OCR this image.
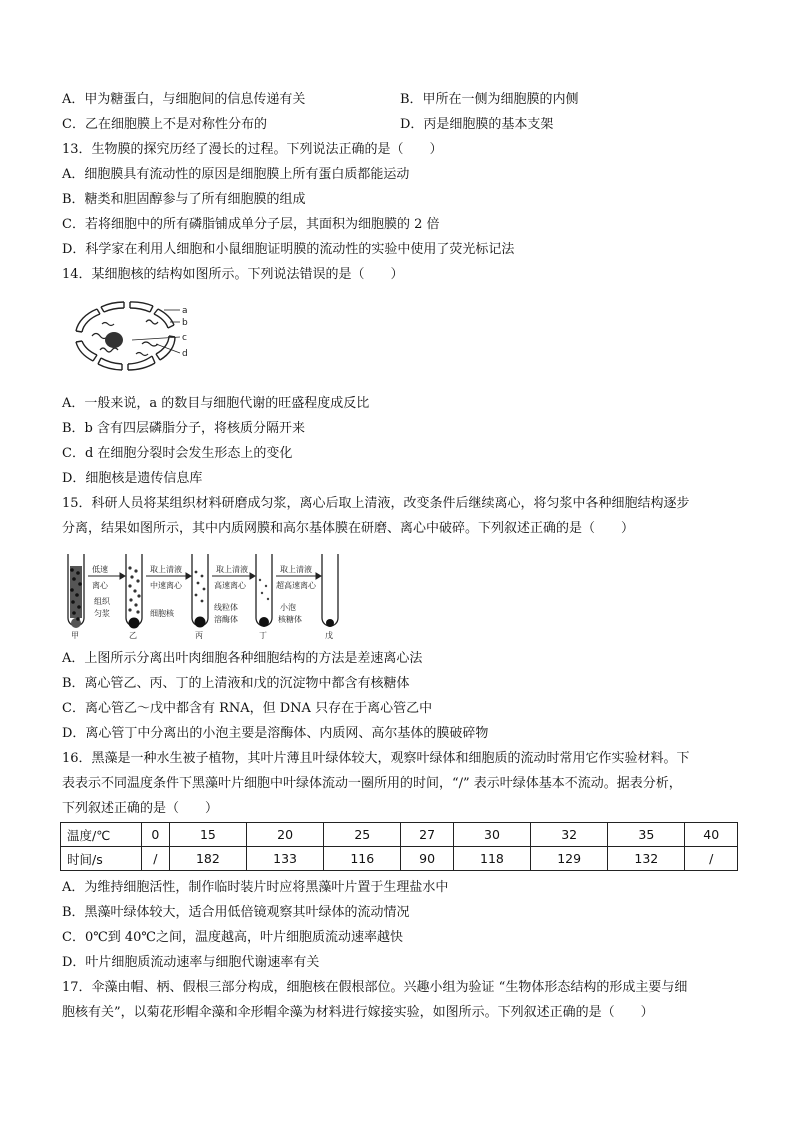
A．甲为糖蛋白，与细胞间的信息传递有关	B．甲所在一侧为细胞膜的内侧
C．乙在细胞膜上不是对称性分布的	D．丙是细胞膜的基本支架
13．生物膜的探究历经了漫长的过程。下列说法正确的是（　　）
A．细胞膜具有流动性的原因是细胞膜上所有蛋白质都能运动
B．糖类和胆固醇参与了所有细胞膜的组成
C．若将细胞中的所有磷脂铺成单分子层，其面积为细胞膜的 2 倍
D．科学家在利用人细胞和小鼠细胞证明膜的流动性的实验中使用了荧光标记法
14．某细胞核的结构如图所示。下列说法错误的是（　　）
a
b
c
d
A．一般来说，a 的数目与细胞代谢的旺盛程度成反比
B．b 含有四层磷脂分子，将核质分隔开来
C．d 在细胞分裂时会发生形态上的变化
D．细胞核是遗传信息库
15．科研人员将某组织材料研磨成匀浆，离心后取上清液，改变条件后继续离心，将匀浆中各种细胞结构逐步
分离，结果如图所示，其中内质网膜和高尔基体膜在研磨、离心中破碎。下列叙述正确的是（　　）
低速
离心
组织
匀浆
取上清液
中速离心
细胞核
取上清液
高速离心
线粒体
溶酶体
取上清液
超高速离心
小泡
核糖体
甲	乙	丙	丁	戊
A．上图所示分离出叶肉细胞各种细胞结构的方法是差速离心法
B．离心管乙、丙、丁的上清液和戊的沉淀物中都含有核糖体
C．离心管乙～戊中都含有 RNA，但 DNA 只存在于离心管乙中
D．离心管丁中分离出的小泡主要是溶酶体、内质网、高尔基体的膜破碎物
16．黑藻是一种水生被子植物，其叶片薄且叶绿体较大，观察叶绿体和细胞质的流动时常用它作实验材料。下
表表示不同温度条件下黑藻叶片细胞中叶绿体流动一圈所用的时间，“/” 表示叶绿体基本不流动。据表分析，
下列叙述正确的是（　　）
温度/℃	0	15	20	25	27	30	32	35	40
时间/s	/	182	133	116	90	118	129	132	/
A．为维持细胞活性，制作临时装片时应将黑藻叶片置于生理盐水中
B．黑藻叶绿体较大，适合用低倍镜观察其叶绿体的流动情况
C．0℃到 40℃之间，温度越高，叶片细胞质流动速率越快
D．叶片细胞质流动速率与细胞代谢速率有关
17．伞藻由帽、柄、假根三部分构成，细胞核在假根部位。兴趣小组为验证 “生物体形态结构的形成主要与细
胞核有关”，以菊花形帽伞藻和伞形帽伞藻为材料进行嫁接实验，如图所示。下列叙述正确的是（　　）
